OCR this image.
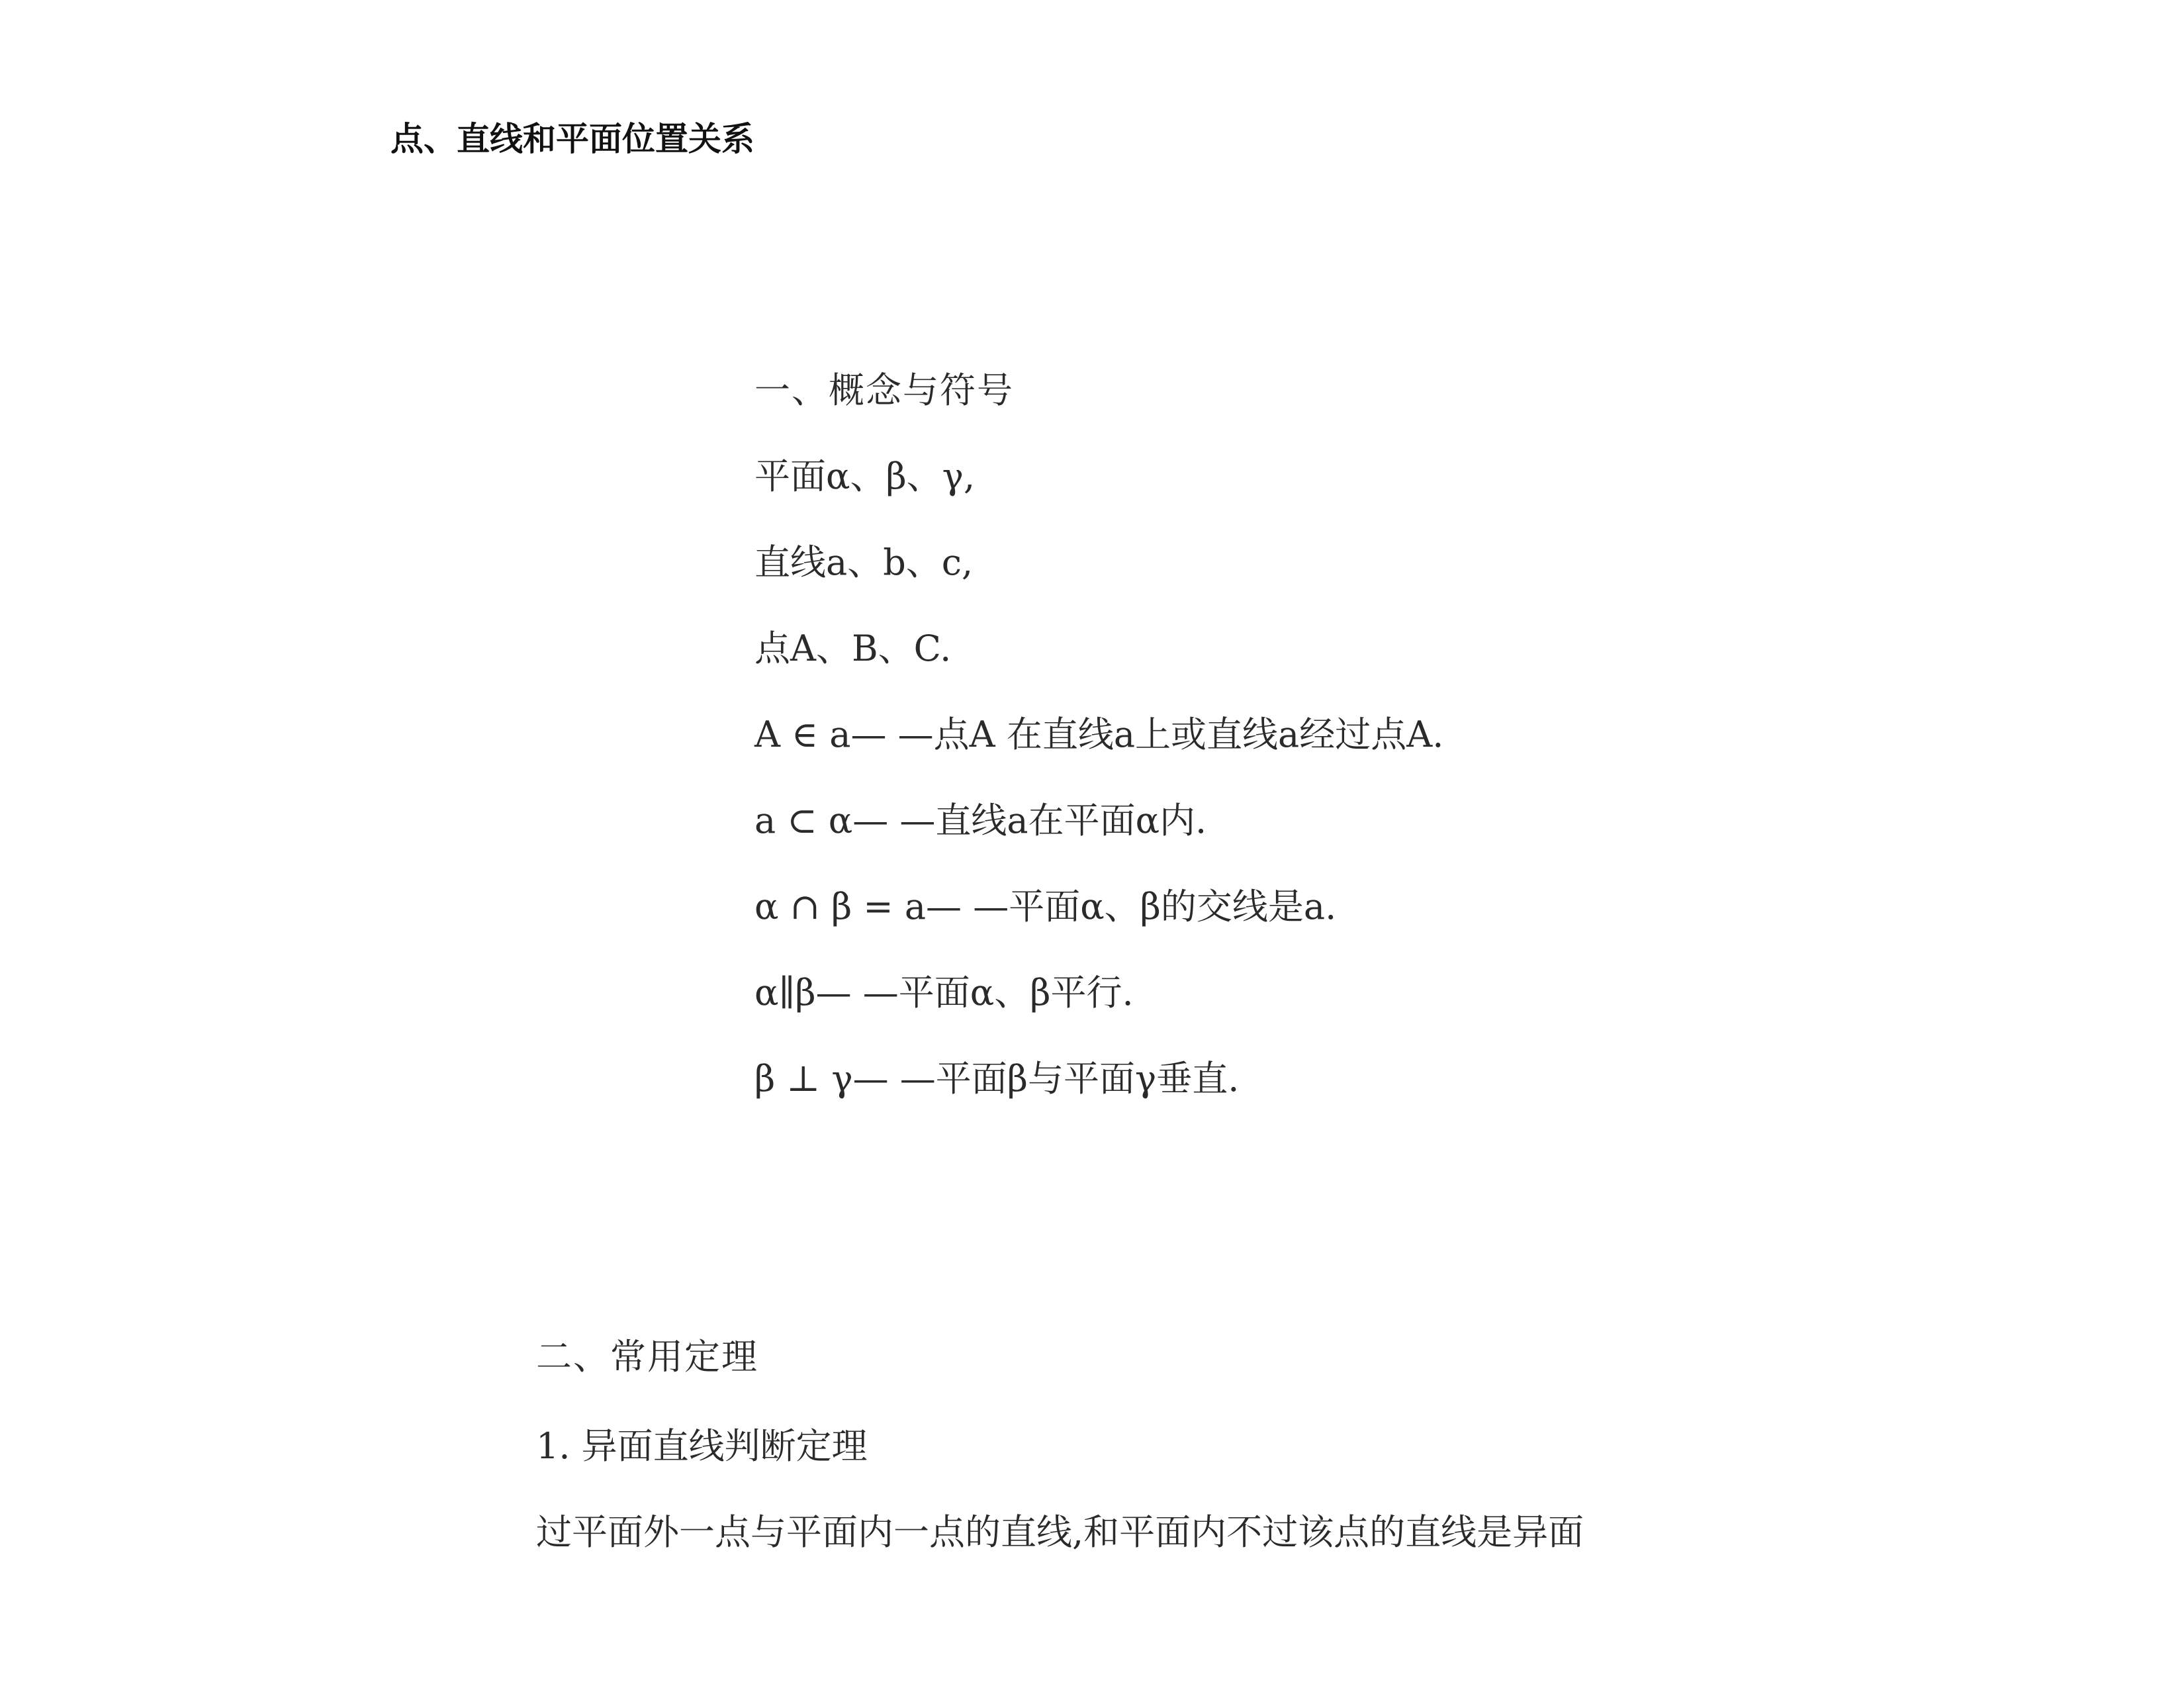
点、直线和平面位置关系
一、概念与符号
平面α、β、γ,
直线a、b、c,
点A、B、C.
A ∈ a— —点A 在直线a上或直线a经过点A.
a ⊂ α— —直线a在平面α内.
α ∩ β = a— —平面α、β的交线是a.
α∥β— —平面α、β平行.
β ⊥ γ— —平面β与平面γ垂直.
二、常用定理
1. 异面直线判断定理
过平面外一点与平面内一点的直线,和平面内不过该点的直线是异面
